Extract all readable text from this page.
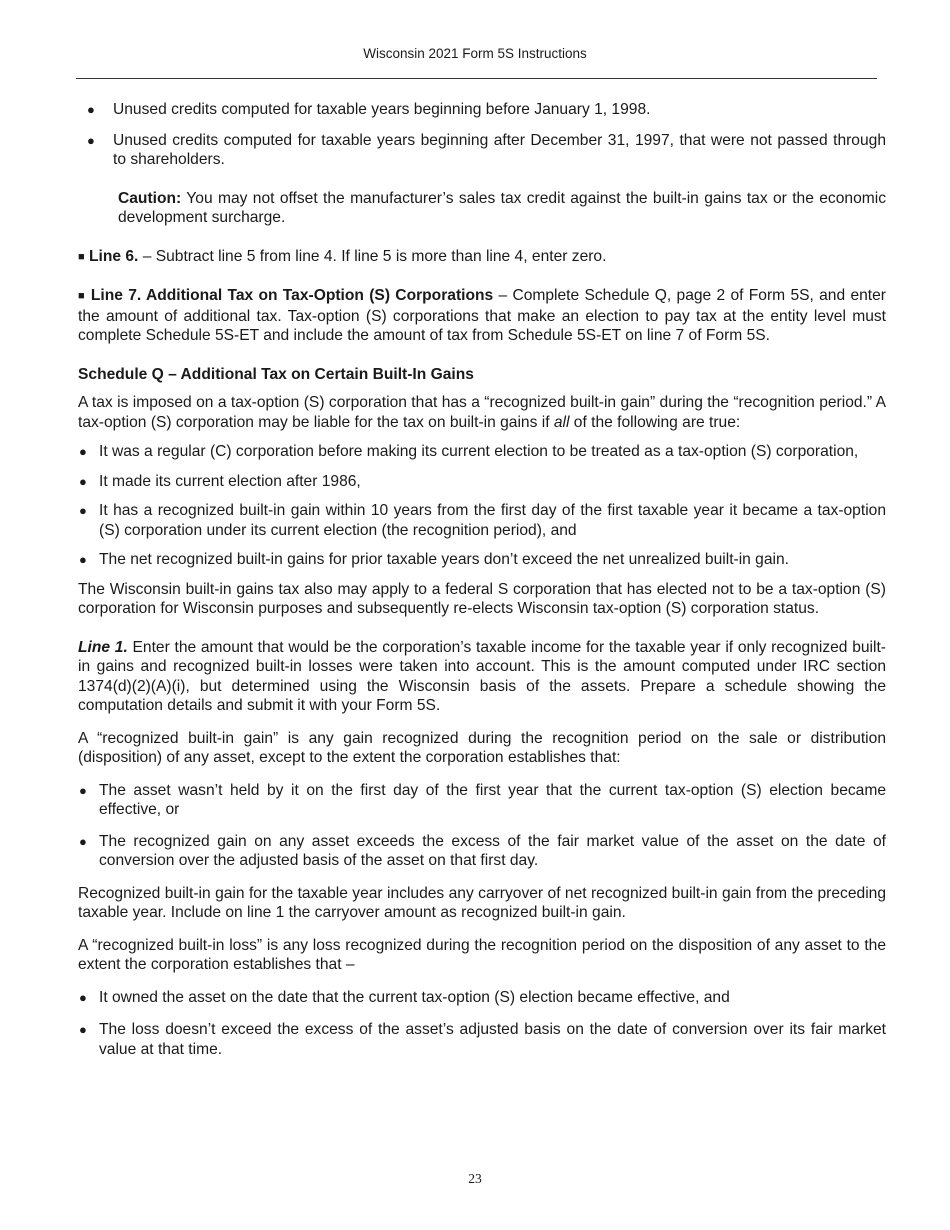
Wisconsin 2021 Form 5S Instructions
● Unused credits computed for taxable years beginning before January 1, 1998.
● Unused credits computed for taxable years beginning after December 31, 1997, that were not passed through to shareholders.

Caution: You may not offset the manufacturer’s sales tax credit against the built-in gains tax or the economic development surcharge.

■ Line 6. – Subtract line 5 from line 4. If line 5 is more than line 4, enter zero.

■ Line 7. Additional Tax on Tax-Option (S) Corporations – Complete Schedule Q, page 2 of Form 5S, and enter the amount of additional tax. Tax-option (S) corporations that make an election to pay tax at the entity level must complete Schedule 5S-ET and include the amount of tax from Schedule 5S-ET on line 7 of Form 5S.

Schedule Q – Additional Tax on Certain Built-In Gains

A tax is imposed on a tax-option (S) corporation that has a “recognized built-in gain” during the “recognition period.” A tax-option (S) corporation may be liable for the tax on built-in gains if all of the following are true:

● It was a regular (C) corporation before making its current election to be treated as a tax-option (S) corporation,
● It made its current election after 1986,
● It has a recognized built-in gain within 10 years from the first day of the first taxable year it became a tax-option (S) corporation under its current election (the recognition period), and
● The net recognized built-in gains for prior taxable years don’t exceed the net unrealized built-in gain.

The Wisconsin built-in gains tax also may apply to a federal S corporation that has elected not to be a tax-option (S) corporation for Wisconsin purposes and subsequently re-elects Wisconsin tax-option (S) corporation status.

Line 1. Enter the amount that would be the corporation’s taxable income for the taxable year if only recognized built-in gains and recognized built-in losses were taken into account. This is the amount computed under IRC section 1374(d)(2)(A)(i), but determined using the Wisconsin basis of the assets. Prepare a schedule showing the computation details and submit it with your Form 5S.

A “recognized built-in gain” is any gain recognized during the recognition period on the sale or distribution (disposition) of any asset, except to the extent the corporation establishes that:

● The asset wasn’t held by it on the first day of the first year that the current tax-option (S) election became effective, or
● The recognized gain on any asset exceeds the excess of the fair market value of the asset on the date of conversion over the adjusted basis of the asset on that first day.

Recognized built-in gain for the taxable year includes any carryover of net recognized built-in gain from the preceding taxable year. Include on line 1 the carryover amount as recognized built-in gain.

A “recognized built-in loss” is any loss recognized during the recognition period on the disposition of any asset to the extent the corporation establishes that –

● It owned the asset on the date that the current tax-option (S) election became effective, and
● The loss doesn’t exceed the excess of the asset’s adjusted basis on the date of conversion over its fair market value at that time.
23
